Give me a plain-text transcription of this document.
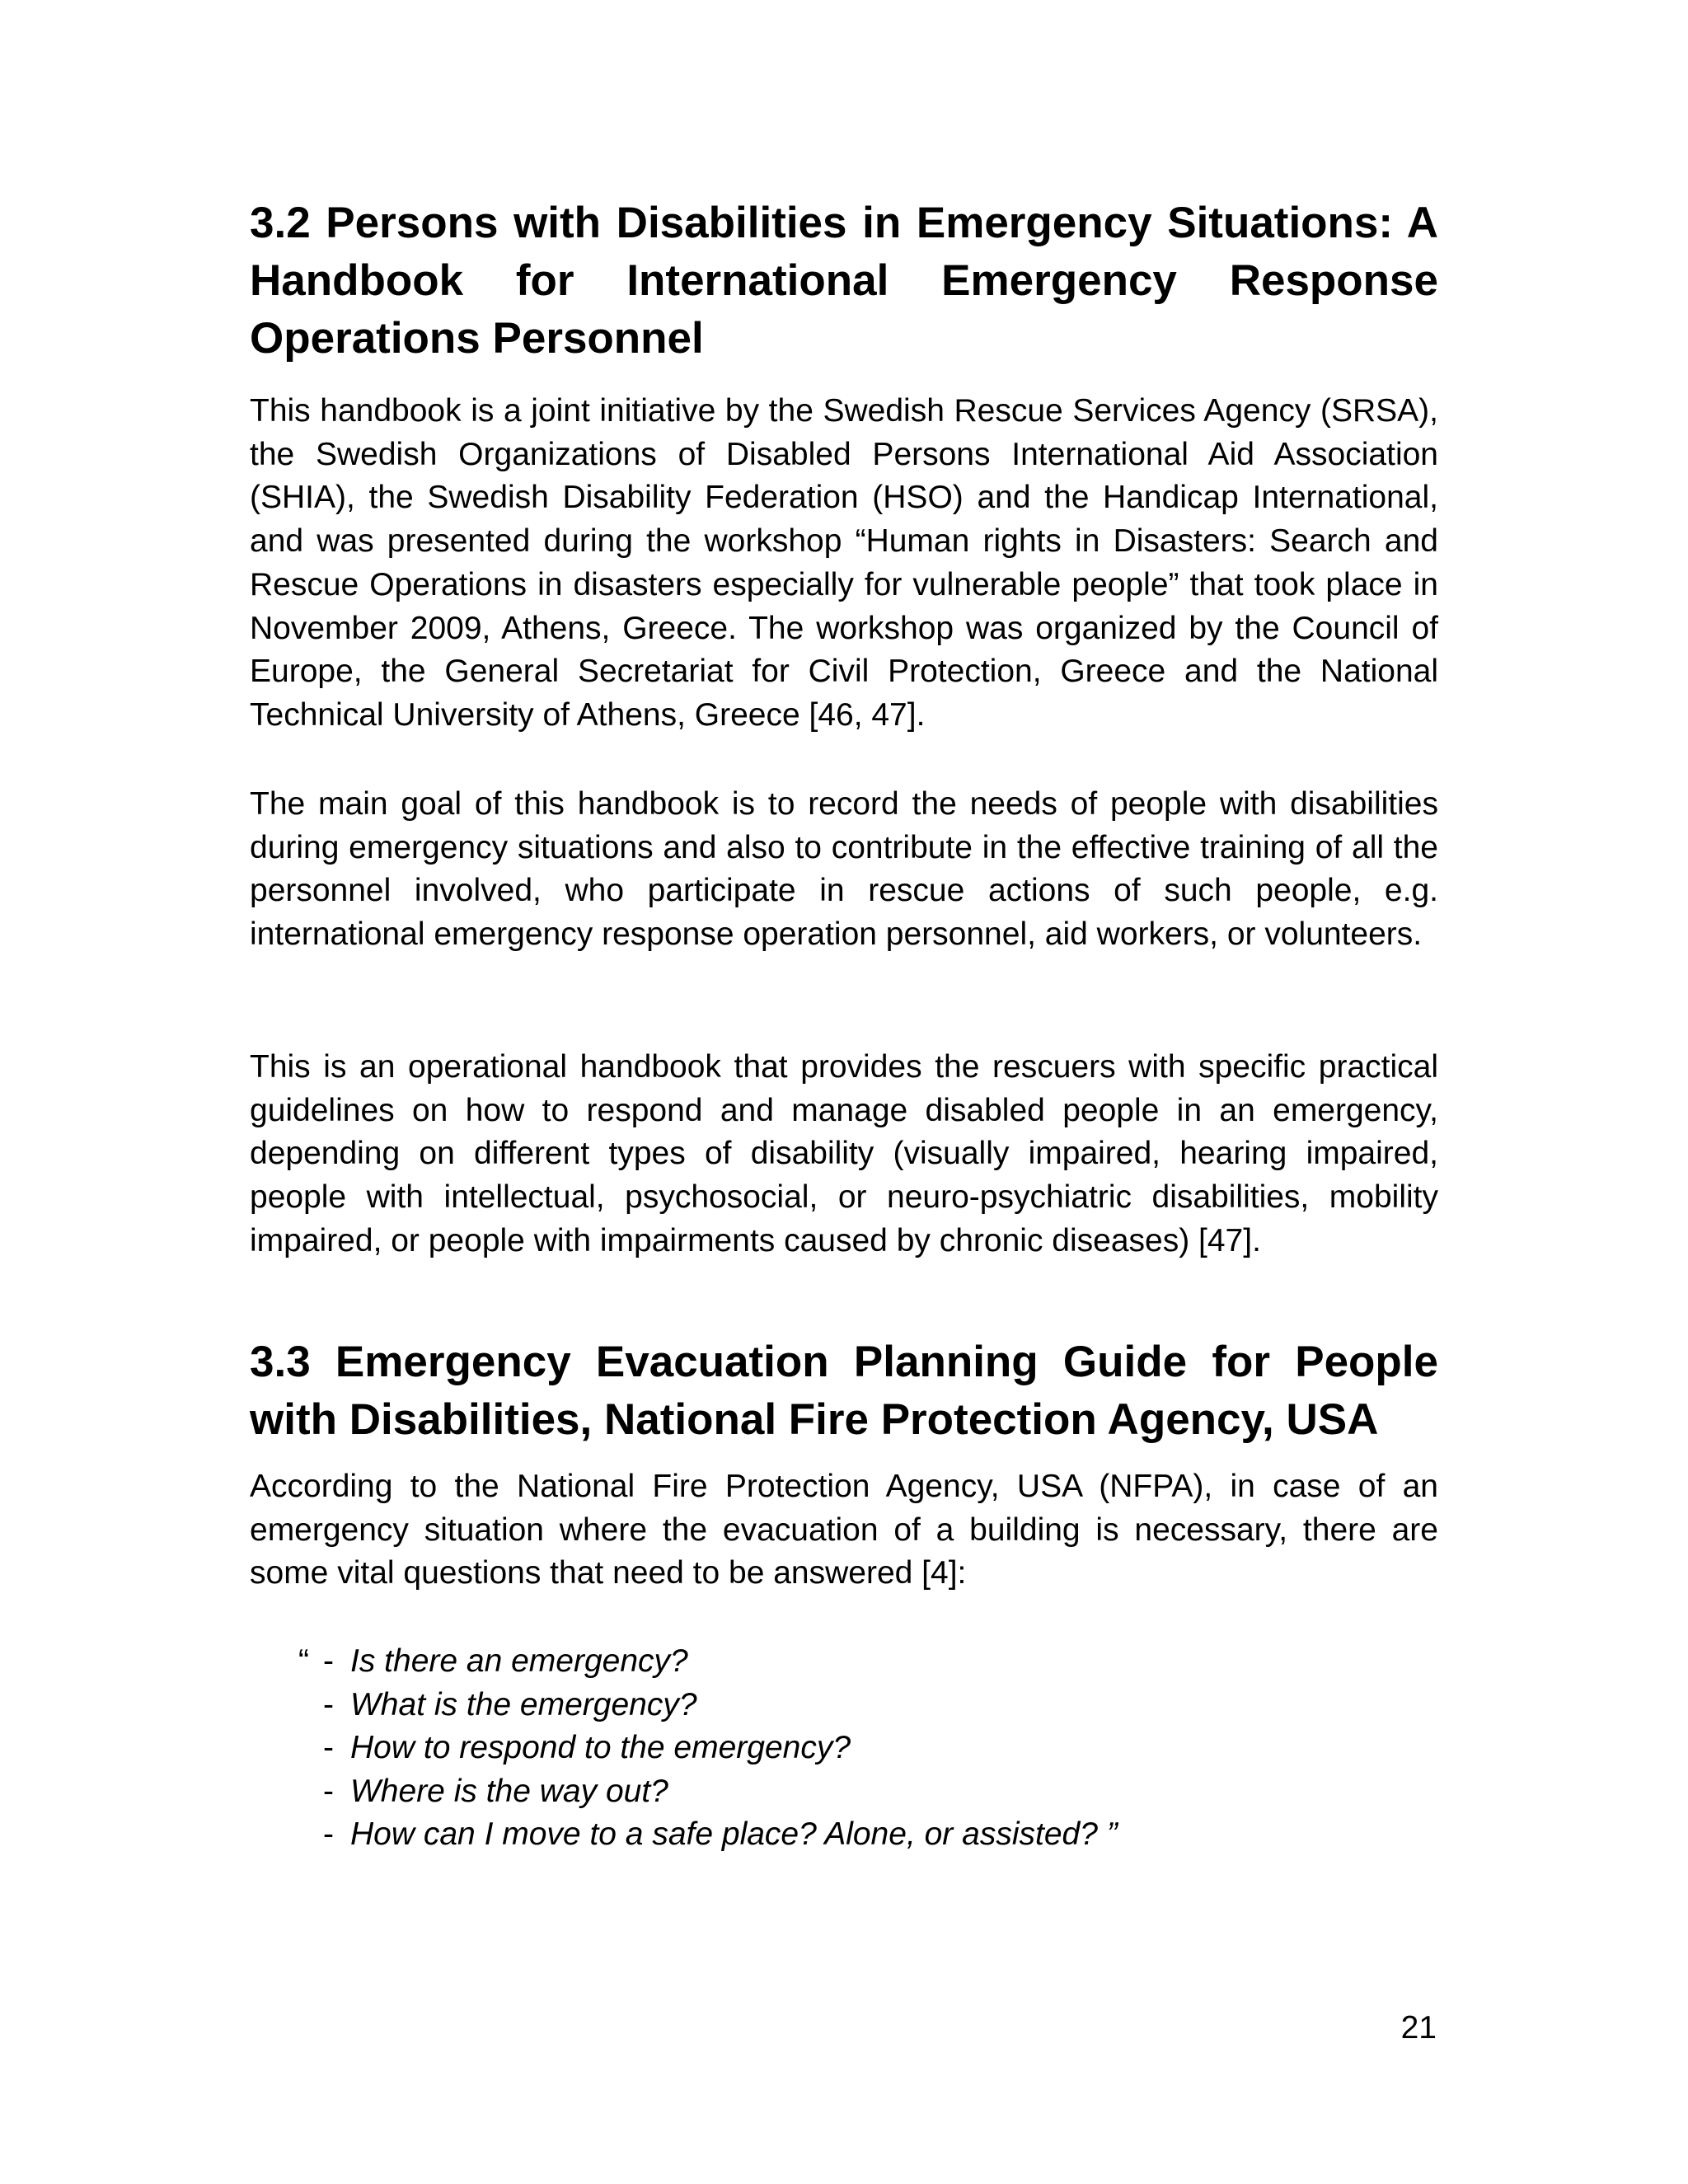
3.2 Persons with Disabilities in Emergency Situations: A Handbook for International Emergency Response Operations Personnel

This handbook is a joint initiative by the Swedish Rescue Services Agency (SRSA), the Swedish Organizations of Disabled Persons International Aid Association (SHIA), the Swedish Disability Federation (HSO) and the Handicap International, and was presented during the workshop “Human rights in Disasters: Search and Rescue Operations in disasters especially for vulnerable people” that took place in November 2009, Athens, Greece. The workshop was organized by the Council of Europe, the General Secretariat for Civil Protection, Greece and the National Technical University of Athens, Greece [46, 47].

The main goal of this handbook is to record the needs of people with disabilities during emergency situations and also to contribute in the effective training of all the personnel involved, who participate in rescue actions of such people, e.g. international emergency response operation personnel, aid workers, or volunteers.

This is an operational handbook that provides the rescuers with specific practical guidelines on how to respond and manage disabled people in an emergency, depending on different types of disability (visually impaired, hearing impaired, people with intellectual, psychosocial, or neuro-psychiatric disabilities, mobility impaired, or people with impairments caused by chronic diseases) [47].

3.3 Emergency Evacuation Planning Guide for People with Disabilities, National Fire Protection Agency, USA

According to the National Fire Protection Agency, USA (NFPA), in case of an emergency situation where the evacuation of a building is necessary, there are some vital questions that need to be answered [4]:

“ - Is there an emergency?
- What is the emergency?
- How to respond to the emergency?
- Where is the way out?
- How can I move to a safe place? Alone, or assisted? ”
21
